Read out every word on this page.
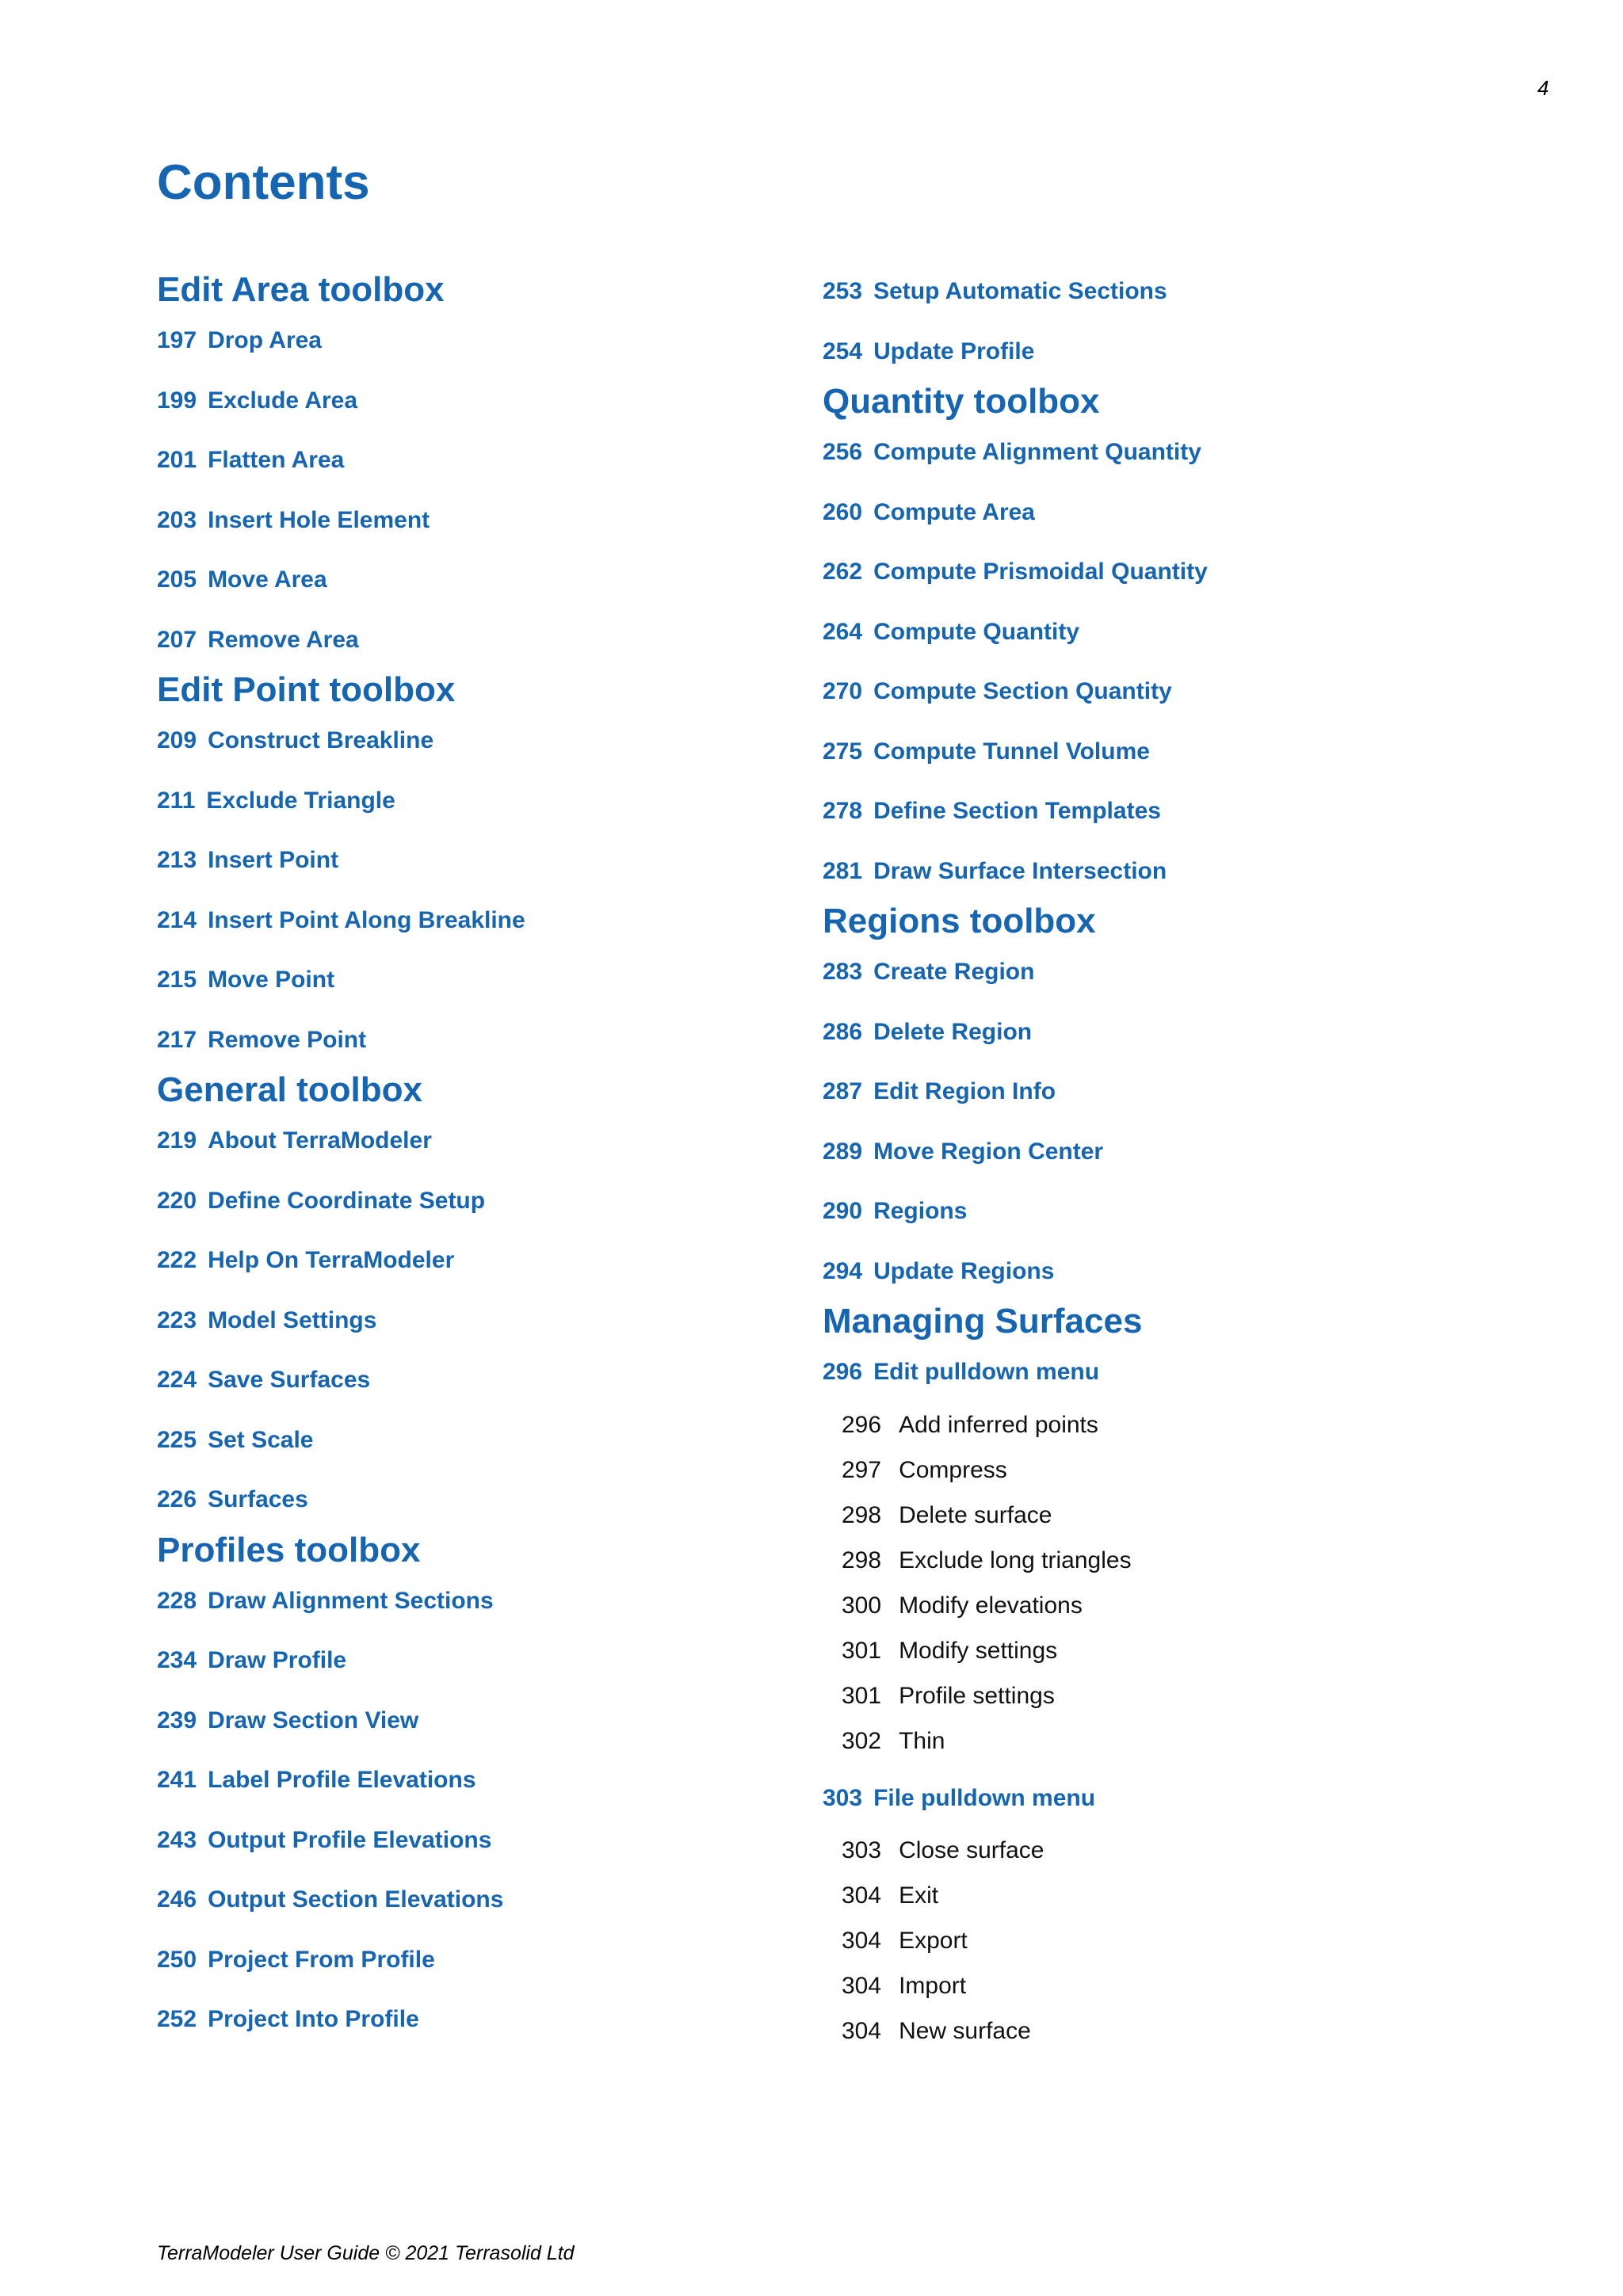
4
Contents
Edit Area toolbox
197 Drop Area
199 Exclude Area
201 Flatten Area
203 Insert Hole Element
205 Move Area
207 Remove Area
Edit Point toolbox
209 Construct Breakline
211 Exclude Triangle
213 Insert Point
214 Insert Point Along Breakline
215 Move Point
217 Remove Point
General toolbox
219 About TerraModeler
220 Define Coordinate Setup
222 Help On TerraModeler
223 Model Settings
224 Save Surfaces
225 Set Scale
226 Surfaces
Profiles toolbox
228 Draw Alignment Sections
234 Draw Profile
239 Draw Section View
241 Label Profile Elevations
243 Output Profile Elevations
246 Output Section Elevations
250 Project From Profile
252 Project Into Profile
253 Setup Automatic Sections
254 Update Profile
Quantity toolbox
256 Compute Alignment Quantity
260 Compute Area
262 Compute Prismoidal Quantity
264 Compute Quantity
270 Compute Section Quantity
275 Compute Tunnel Volume
278 Define Section Templates
281 Draw Surface Intersection
Regions toolbox
283 Create Region
286 Delete Region
287 Edit Region Info
289 Move Region Center
290 Regions
294 Update Regions
Managing Surfaces
296 Edit pulldown menu
296 Add inferred points
297 Compress
298 Delete surface
298 Exclude long triangles
300 Modify elevations
301 Modify settings
301 Profile settings
302 Thin
303 File pulldown menu
303 Close surface
304 Exit
304 Export
304 Import
304 New surface
TerraModeler User Guide © 2021 Terrasolid Ltd
